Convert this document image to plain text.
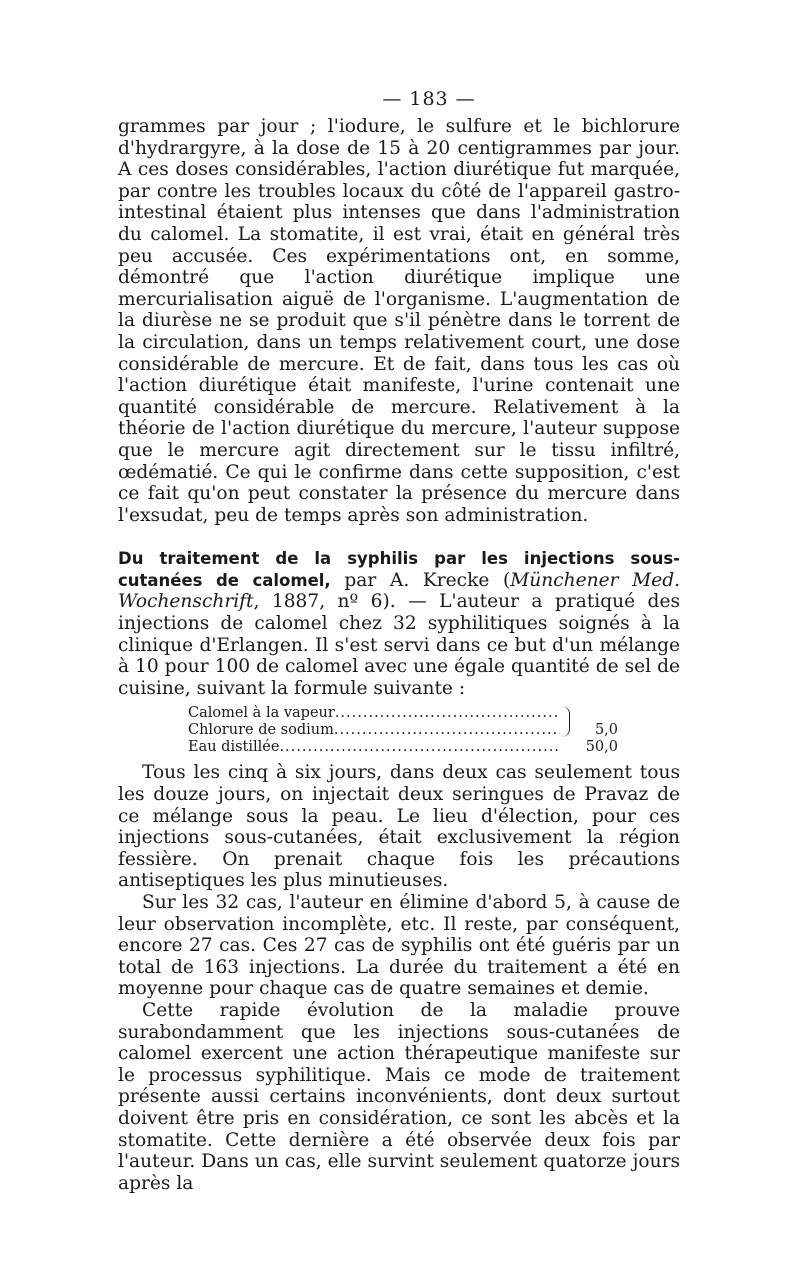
— 183 —

grammes par jour ; l'iodure, le sulfure et le bichlorure d'hydrargyre, à la dose de 15 à 20 centigrammes par jour. A ces doses considérables, l'action diurétique fut marquée, par contre les troubles locaux du côté de l'appareil gastro-intestinal étaient plus intenses que dans l'administration du calomel. La stomatite, il est vrai, était en général très peu accusée. Ces expérimentations ont, en somme, démontré que l'action diurétique implique une mercurialisation aiguë de l'organisme. L'augmentation de la diurèse ne se produit que s'il pénètre dans le torrent de la circulation, dans un temps relativement court, une dose considérable de mercure. Et de fait, dans tous les cas où l'action diurétique était manifeste, l'urine contenait une quantité considérable de mercure. Relativement à la théorie de l'action diurétique du mercure, l'auteur suppose que le mercure agit directement sur le tissu infiltré, œdématié. Ce qui le confirme dans cette supposition, c'est ce fait qu'on peut constater la présence du mercure dans l'exsudat, peu de temps après son administration.

Du traitement de la syphilis par les injections sous-cutanées de calomel, par A. Krecke (Münchener Med. Wochenschrift, 1887, nº 6). — L'auteur a pratiqué des injections de calomel chez 32 syphilitiques soignés à la clinique d'Erlangen. Il s'est servi dans ce but d'un mélange à 10 pour 100 de calomel avec une égale quantité de sel de cuisine, suivant la formule suivante :

Calomel à la vapeur
.....
Chlorure de sodium .....	5,0
Eau distillée .....	50,0

Tous les cinq à six jours, dans deux cas seulement tous les douze jours, on injectait deux seringues de Pravaz de ce mélange sous la peau. Le lieu d'élection, pour ces injections sous-cutanées, était exclusivement la région fessière. On prenait chaque fois les précautions antiseptiques les plus minutieuses.

Sur les 32 cas, l'auteur en élimine d'abord 5, à cause de leur observation incomplète, etc. Il reste, par conséquent, encore 27 cas. Ces 27 cas de syphilis ont été guéris par un total de 163 injections. La durée du traitement a été en moyenne pour chaque cas de quatre semaines et demie.

Cette rapide évolution de la maladie prouve surabondamment que les injections sous-cutanées de calomel exercent une action thérapeutique manifeste sur le processus syphilitique. Mais ce mode de traitement présente aussi certains inconvénients, dont deux surtout doivent être pris en considération, ce sont les abcès et la stomatite. Cette dernière a été observée deux fois par l'auteur. Dans un cas, elle survint seulement quatorze jours après la
